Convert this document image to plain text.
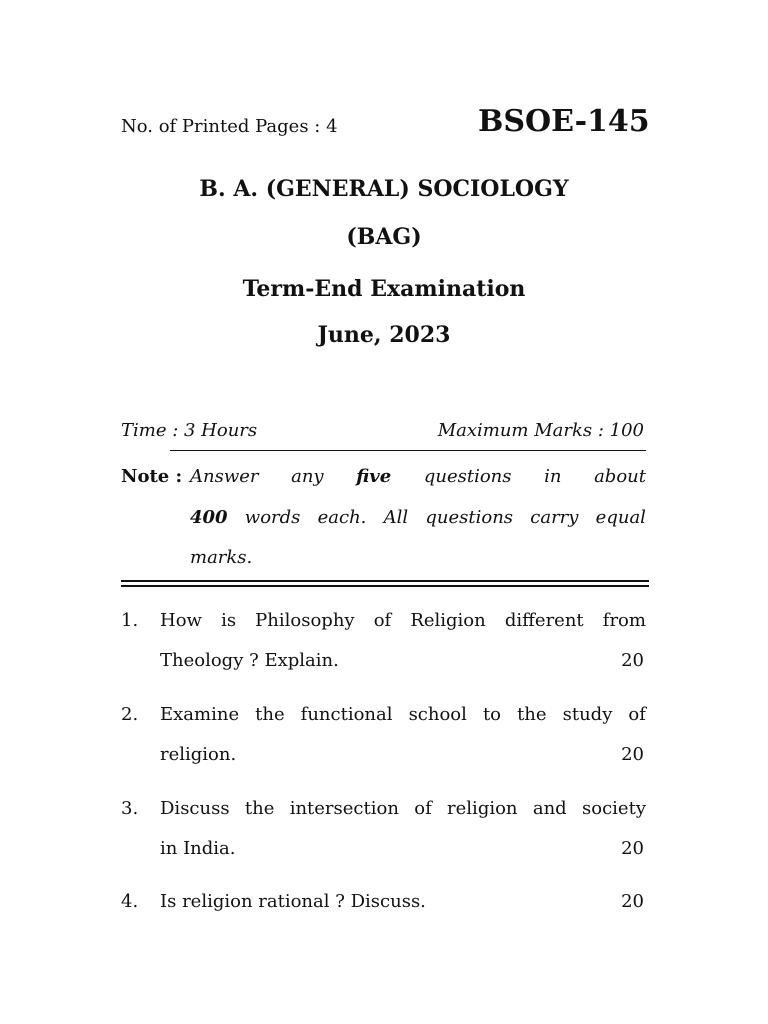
No. of Printed Pages : 4	BSOE-145
B. A. (GENERAL) SOCIOLOGY
(BAG)
Term-End Examination
June, 2023
Time : 3 Hours	Maximum Marks : 100
Note : Answer any five questions in about
400 words each. All questions carry equal
marks.
1. How is Philosophy of Religion different from
Theology ? Explain.	20
2. Examine the functional school to the study of
religion.	20
3. Discuss the intersection of religion and society
in India.	20
4. Is religion rational ? Discuss.	20
